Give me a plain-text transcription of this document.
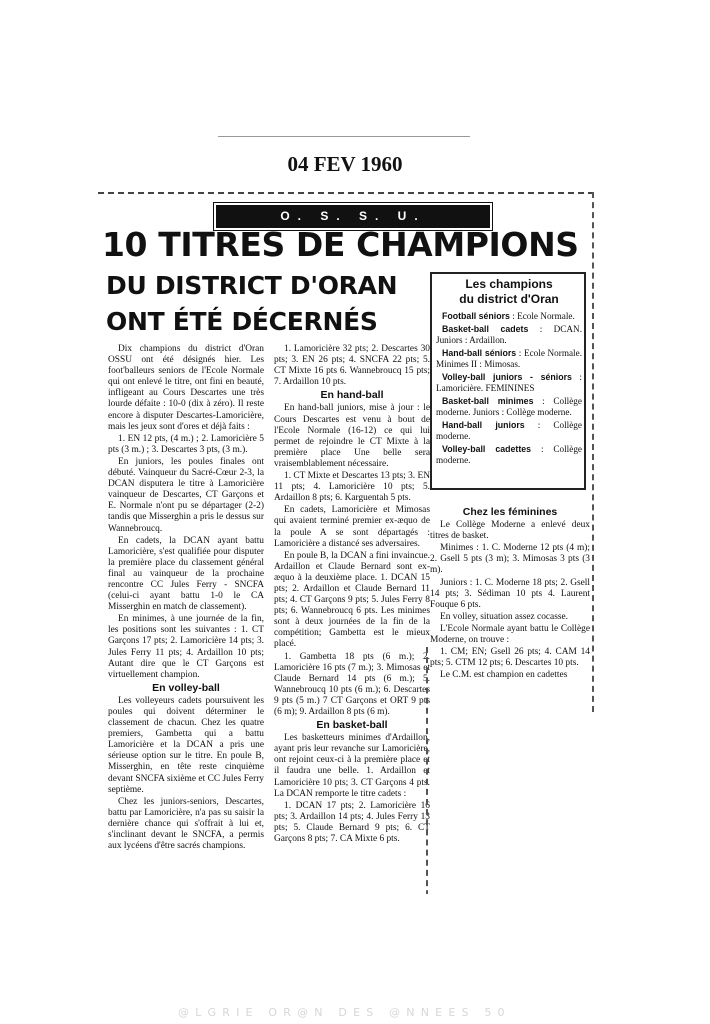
04 FEV 1960
O. S. S. U.
10 TITRES DE CHAMPIONS
DU DISTRICT D'ORAN
ONT ÉTÉ DÉCERNÉS

Dix champions du district d'Oran OSSU ont été désignés hier. Les foot'balleurs seniors de l'Ecole Normale qui ont enlevé le titre, ont fini en beauté, infligeant au Cours Descartes une très lourde défaite : 10-0 (dix à zéro). Il reste encore à disputer Descartes-Lamoricière, mais les jeux sont d'ores et déjà faits :

1. EN 12 pts, (4 m.) ; 2. Lamoricière 5 pts (3 m.) ; 3. Descartes 3 pts, (3 m.).

En juniors, les poules finales ont débuté. Vainqueur du Sacré-Cœur 2-3, la DCAN disputera le titre à Lamoricière vainqueur de Descartes, CT Garçons et E. Normale n'ont pu se départager (2-2) tandis que Misserghin a pris le dessus sur Wannebroucq.

En cadets, la DCAN ayant battu Lamoricière, s'est qualifiée pour disputer la première place du classement général final au vainqueur de la prochaine rencontre CC Jules Ferry - SNCFA (celui-ci ayant battu 1-0 le CA Misserghin en match de classement).

En minimes, à une journée de la fin, les positions sont les suivantes : 1. CT Garçons 17 pts; 2. Lamoricière 14 pts; 3. Jules Ferry 11 pts; 4. Ardaillon 10 pts; Autant dire que le CT Garçons est virtuellement champion.

En volley-ball

Les volleyeurs cadets poursuivent les poules qui doivent déterminer le classement de chacun. Chez les quatre premiers, Gambetta qui a battu Lamoricière et la DCAN a pris une sérieuse option sur le titre. En poule B, Misserghin, en tête reste cinquième devant SNCFA sixième et CC Jules Ferry septième.

Chez les juniors-seniors, Descartes, battu par Lamoricière, n'a pas su saisir la dernière chance qui s'offrait à lui et, s'inclinant devant le SNCFA, a permis aux lycéens d'être sacrés champions.

1. Lamoricière 32 pts; 2. Descartes 30 pts; 3. EN 26 pts; 4. SNCFA 22 pts; 5. CT Mixte 16 pts 6. Wannebroucq 15 pts; 7. Ardaillon 10 pts.

En hand-ball

En hand-ball juniors, mise à jour : le Cours Descartes est venu à bout de l'Ecole Normale (16-12) ce qui lui permet de rejoindre le CT Mixte à la première place Une belle sera vraisemblablement nécessaire.

1. CT Mixte et Descartes 13 pts; 3. EN 11 pts; 4. Lamoricière 10 pts; 5. Ardaillon 8 pts; 6. Karguentah 5 pts.

En cadets, Lamoricière et Mimosas qui avaient terminé premier ex-æquo de la poule A se sont départagés : Lamoricière a distancé ses adversaires.

En poule B, la DCAN a fini invaincue. Ardaillon et Claude Bernard sont ex-æquo à la deuxième place. 1. DCAN 15 pts; 2. Ardaillon et Claude Bernard 11 pts; 4. CT Garçons 9 pts; 5. Jules Ferry 8 pts; 6. Wannebroucq 6 pts. Les minimes sont à deux journées de la fin de la compétition; Gambetta est le mieux placé.

1. Gambetta 18 pts (6 m.); 2. Lamoricière 16 pts (7 m.); 3. Mimosas et Claude Bernard 14 pts (6 m.); 5. Wannebroucq 10 pts (6 m.); 6. Descartes 9 pts (5 m.) 7 CT Garçons et ORT 9 pts (6 m); 9. Ardaillon 8 pts (6 m).

En basket-ball

Les basketteurs minimes d'Ardaillon, ayant pris leur revanche sur Lamoricière, ont rejoint ceux-ci à la première place et il faudra une belle. 1. Ardaillon et Lamoricière 10 pts; 3. CT Garçons 4 pts. La DCAN remporte le titre cadets :

1. DCAN 17 pts; 2. Lamoricière 16 pts; 3. Ardaillon 14 pts; 4. Jules Ferry 13 pts; 5. Claude Bernard 9 pts; 6. CT Garçons 8 pts; 7. CA Mixte 6 pts.

Les champions
du district d'Oran

Football séniors : Ecole Normale.

Basket-ball cadets : DCAN. Juniors : Ardaillon.

Hand-ball séniors : Ecole Normale. Minimes II : Mimosas.

Volley-ball juniors - séniors : Lamoricière. FEMININES

Basket-ball minimes : Collège moderne. Juniors : Collège moderne.

Hand-ball juniors : Collège moderne.

Volley-ball cadettes : Collège moderne.

Chez les féminines

Le Collège Moderne a enlevé deux titres de basket.

Minimes : 1. C. Moderne 12 pts (4 m); 2. Gsell 5 pts (3 m); 3. Mimosas 3 pts (3 m).

Juniors : 1. C. Moderne 18 pts; 2. Gsell 14 pts; 3. Sédiman 10 pts 4. Laurent Fouque 6 pts.

En volley, situation assez cocasse.

L'Ecole Normale ayant battu le Collège Moderne, on trouve :

1. CM; EN; Gsell 26 pts; 4. CAM 14 pts; 5. CTM 12 pts; 6. Descartes 10 pts.

Le C.M. est champion en cadettes

@LGRIE OR@N DES @NNEES 50
